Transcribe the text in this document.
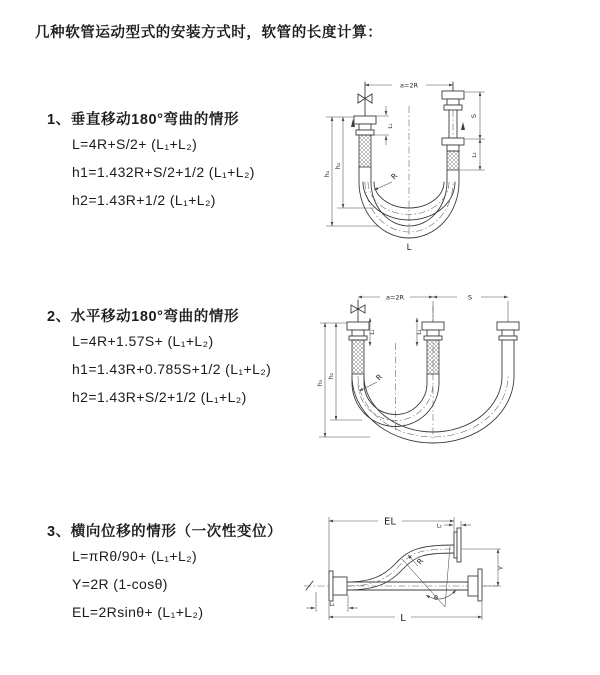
几种软管运动型式的安装方式时，软管的长度计算：
1、垂直移动180°弯曲的情形
L=4R+S/2+ (L₁+L₂)
h1=1.432R+S/2+1/2 (L₁+L₂)
h2=1.43R+1/2 (L₁+L₂)
2、水平移动180°弯曲的情形
L=4R+1.57S+ (L₁+L₂)
h1=1.43R+0.785S+1/2 (L₁+L₂)
h2=1.43R+S/2+1/2 (L₁+L₂)
3、横向位移的情形（一次性变位）
L=πRθ/90+ (L₁+L₂)
Y=2R (1-cosθ)
EL=2Rsinθ+ (L₁+L₂)
a=2R
h₁
h₂
L₁
S
L₂
R
L
a=2R	S
L₁	L₂
h₁
h₂	R
EL	L₁
Y
R
θ
L₂
L
